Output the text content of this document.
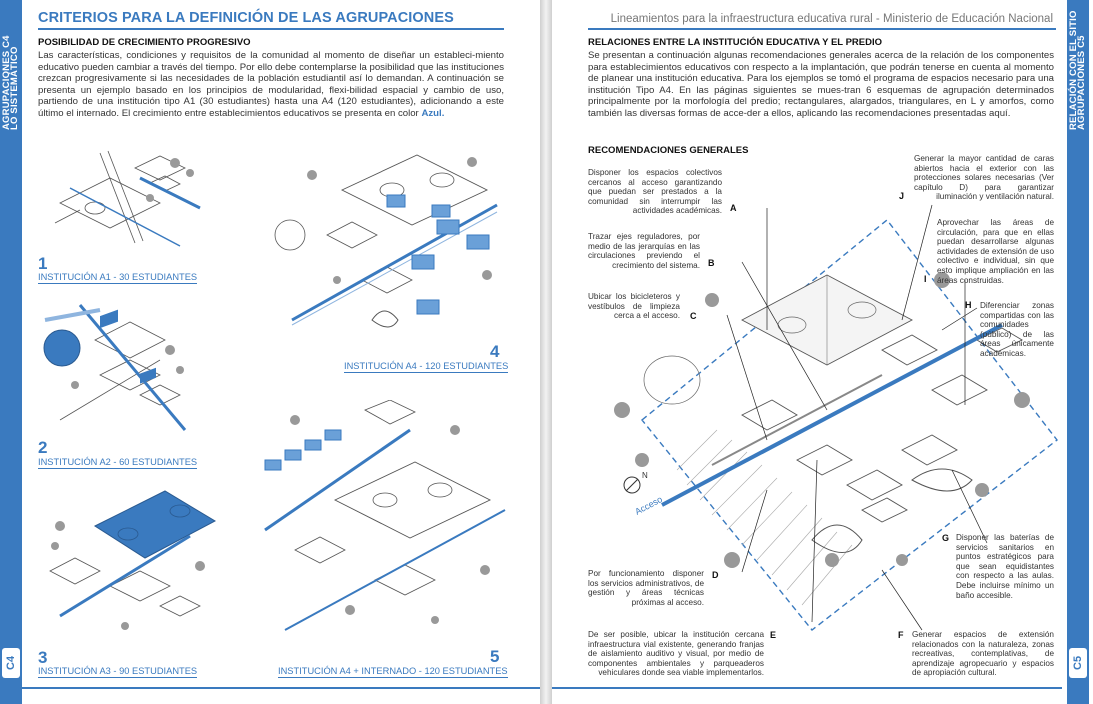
AGRUPACIONES C4
LO SISTEMÁTICO
C4
CRITERIOS PARA LA DEFINICIÓN DE LAS AGRUPACIONES
POSIBILIDAD DE CRECIMIENTO PROGRESIVO
Las características, condiciones y requisitos de la comunidad al momento de diseñar un estableci-miento educativo pueden cambiar a través del tiempo. Por ello debe contemplarse la posibilidad que las instituciones crezcan progresivamente si las necesidades de la población estudiantil así lo demandan. A continuación se presenta un ejemplo basado en los principios de modularidad, flexi-bilidad espacial y cambio de uso, partiendo de una institución tipo A1 (30 estudiantes) hasta una A4 (120 estudiantes), adicionando a este último el internado. El crecimiento entre establecimientos educativos se presenta en color Azul.
1
INSTITUCIÓN A1 - 30 ESTUDIANTES
2
INSTITUCIÓN A2 - 60 ESTUDIANTES
3
INSTITUCIÓN A3 - 90 ESTUDIANTES
4
INSTITUCIÓN A4 - 120 ESTUDIANTES
5
INSTITUCIÓN A4 + INTERNADO - 120 ESTUDIANTES
Lineamientos para la infraestructura educativa rural - Ministerio de Educación Nacional RELACIÓN CON EL SITIO
AGRUPACIONES C5
C5
RELACIONES ENTRE LA INSTITUCIÓN EDUCATIVA Y EL PREDIO
Se presentan a continuación algunas recomendaciones generales acerca de la relación de los componentes para establecimientos educativos con respecto a la implantación, que podrán tenerse en cuenta al momento de planear una institución educativa. Para los ejemplos se tomó el programa de espacios necesario para una institución Tipo A4. En las páginas siguientes se mues-tran 6 esquemas de agrupación determinados principalmente por la morfología del predio; rectangulares, alargados, triangulares, en L y amorfos, como también las diversas formas de acce-der a ellos, aplicando las recomendaciones presentadas aquí.
RECOMENDACIONES GENERALES
N
Acceso
Disponer los espacios colectivos cercanos al acceso garantizando que puedan ser prestados a la comunidad sin interrumpir las actividades académicas. A
Trazar ejes reguladores, por medio de las jerarquías en las circulaciones previendo el crecimiento del sistema. B
Ubicar los bicicleteros y vestíbulos de limpieza cerca a el acceso. C
Por funcionamiento disponer los servicios administrativos, de gestión y áreas técnicas próximas al acceso.
D
De ser posible, ubicar la institución cercana infraestructura vial existente, generando franjas de aislamiento auditivo y visual, por medio de componentes ambientales y parqueaderos vehiculares donde sea viable implementarlos.
E	F Generar espacios de extensión relacionados con la naturaleza, zonas recreativas, contemplativas, de aprendizaje agropecuario y espacios de apropiación cultural.
G Disponer las baterías de servicios sanitarios en puntos estratégicos para que sean equidistantes con respecto a las aulas. Debe incluirse mínimo un baño accesible.
H Diferenciar zonas compartidas con las comunidades (público) de las áreas únicamente académicas.
Aprovechar las áreas de circulación, para que en ellas puedan desarrollarse algunas actividades de extensión de uso colectivo e individual, sin que esto implique ampliación en las áreas construidas.
I
Generar la mayor cantidad de caras abiertos hacia el exterior con las protecciones solares necesarias (Ver capítulo D) para garantizar iluminación y ventilación natural.
J
